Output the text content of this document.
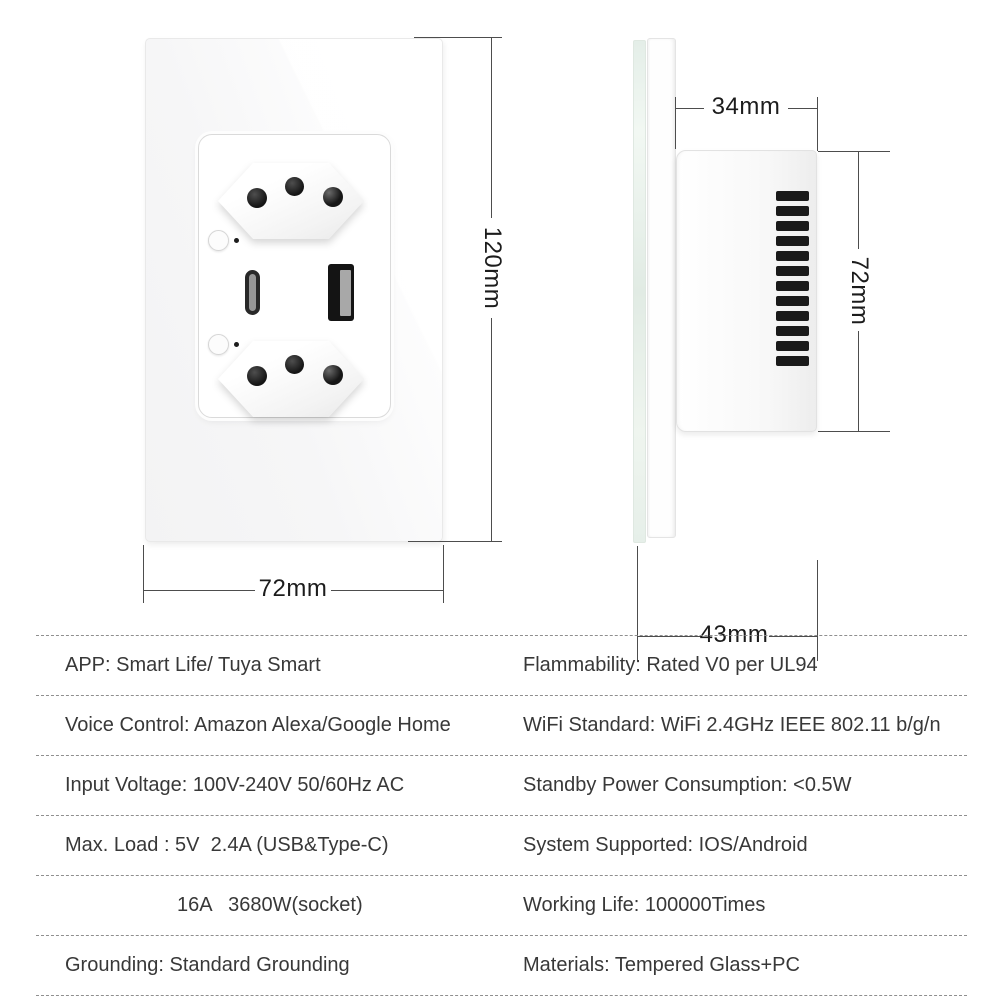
120mm
72mm
34mm
72mm
43mm
APP: Smart Life/ Tuya Smart	Flammability: Rated V0 per UL94
Voice Control: Amazon Alexa/Google Home	WiFi Standard: WiFi 2.4GHz IEEE 802.11 b/g/n
Input Voltage: 100V-240V 50/60Hz AC	Standby Power Consumption: <0.5W
Max. Load : 5V  2.4A (USB&Type-C)	System Supported: IOS/Android
16A   3680W(socket)	Working Life: 100000Times
Grounding: Standard Grounding	Materials: Tempered Glass+PC
